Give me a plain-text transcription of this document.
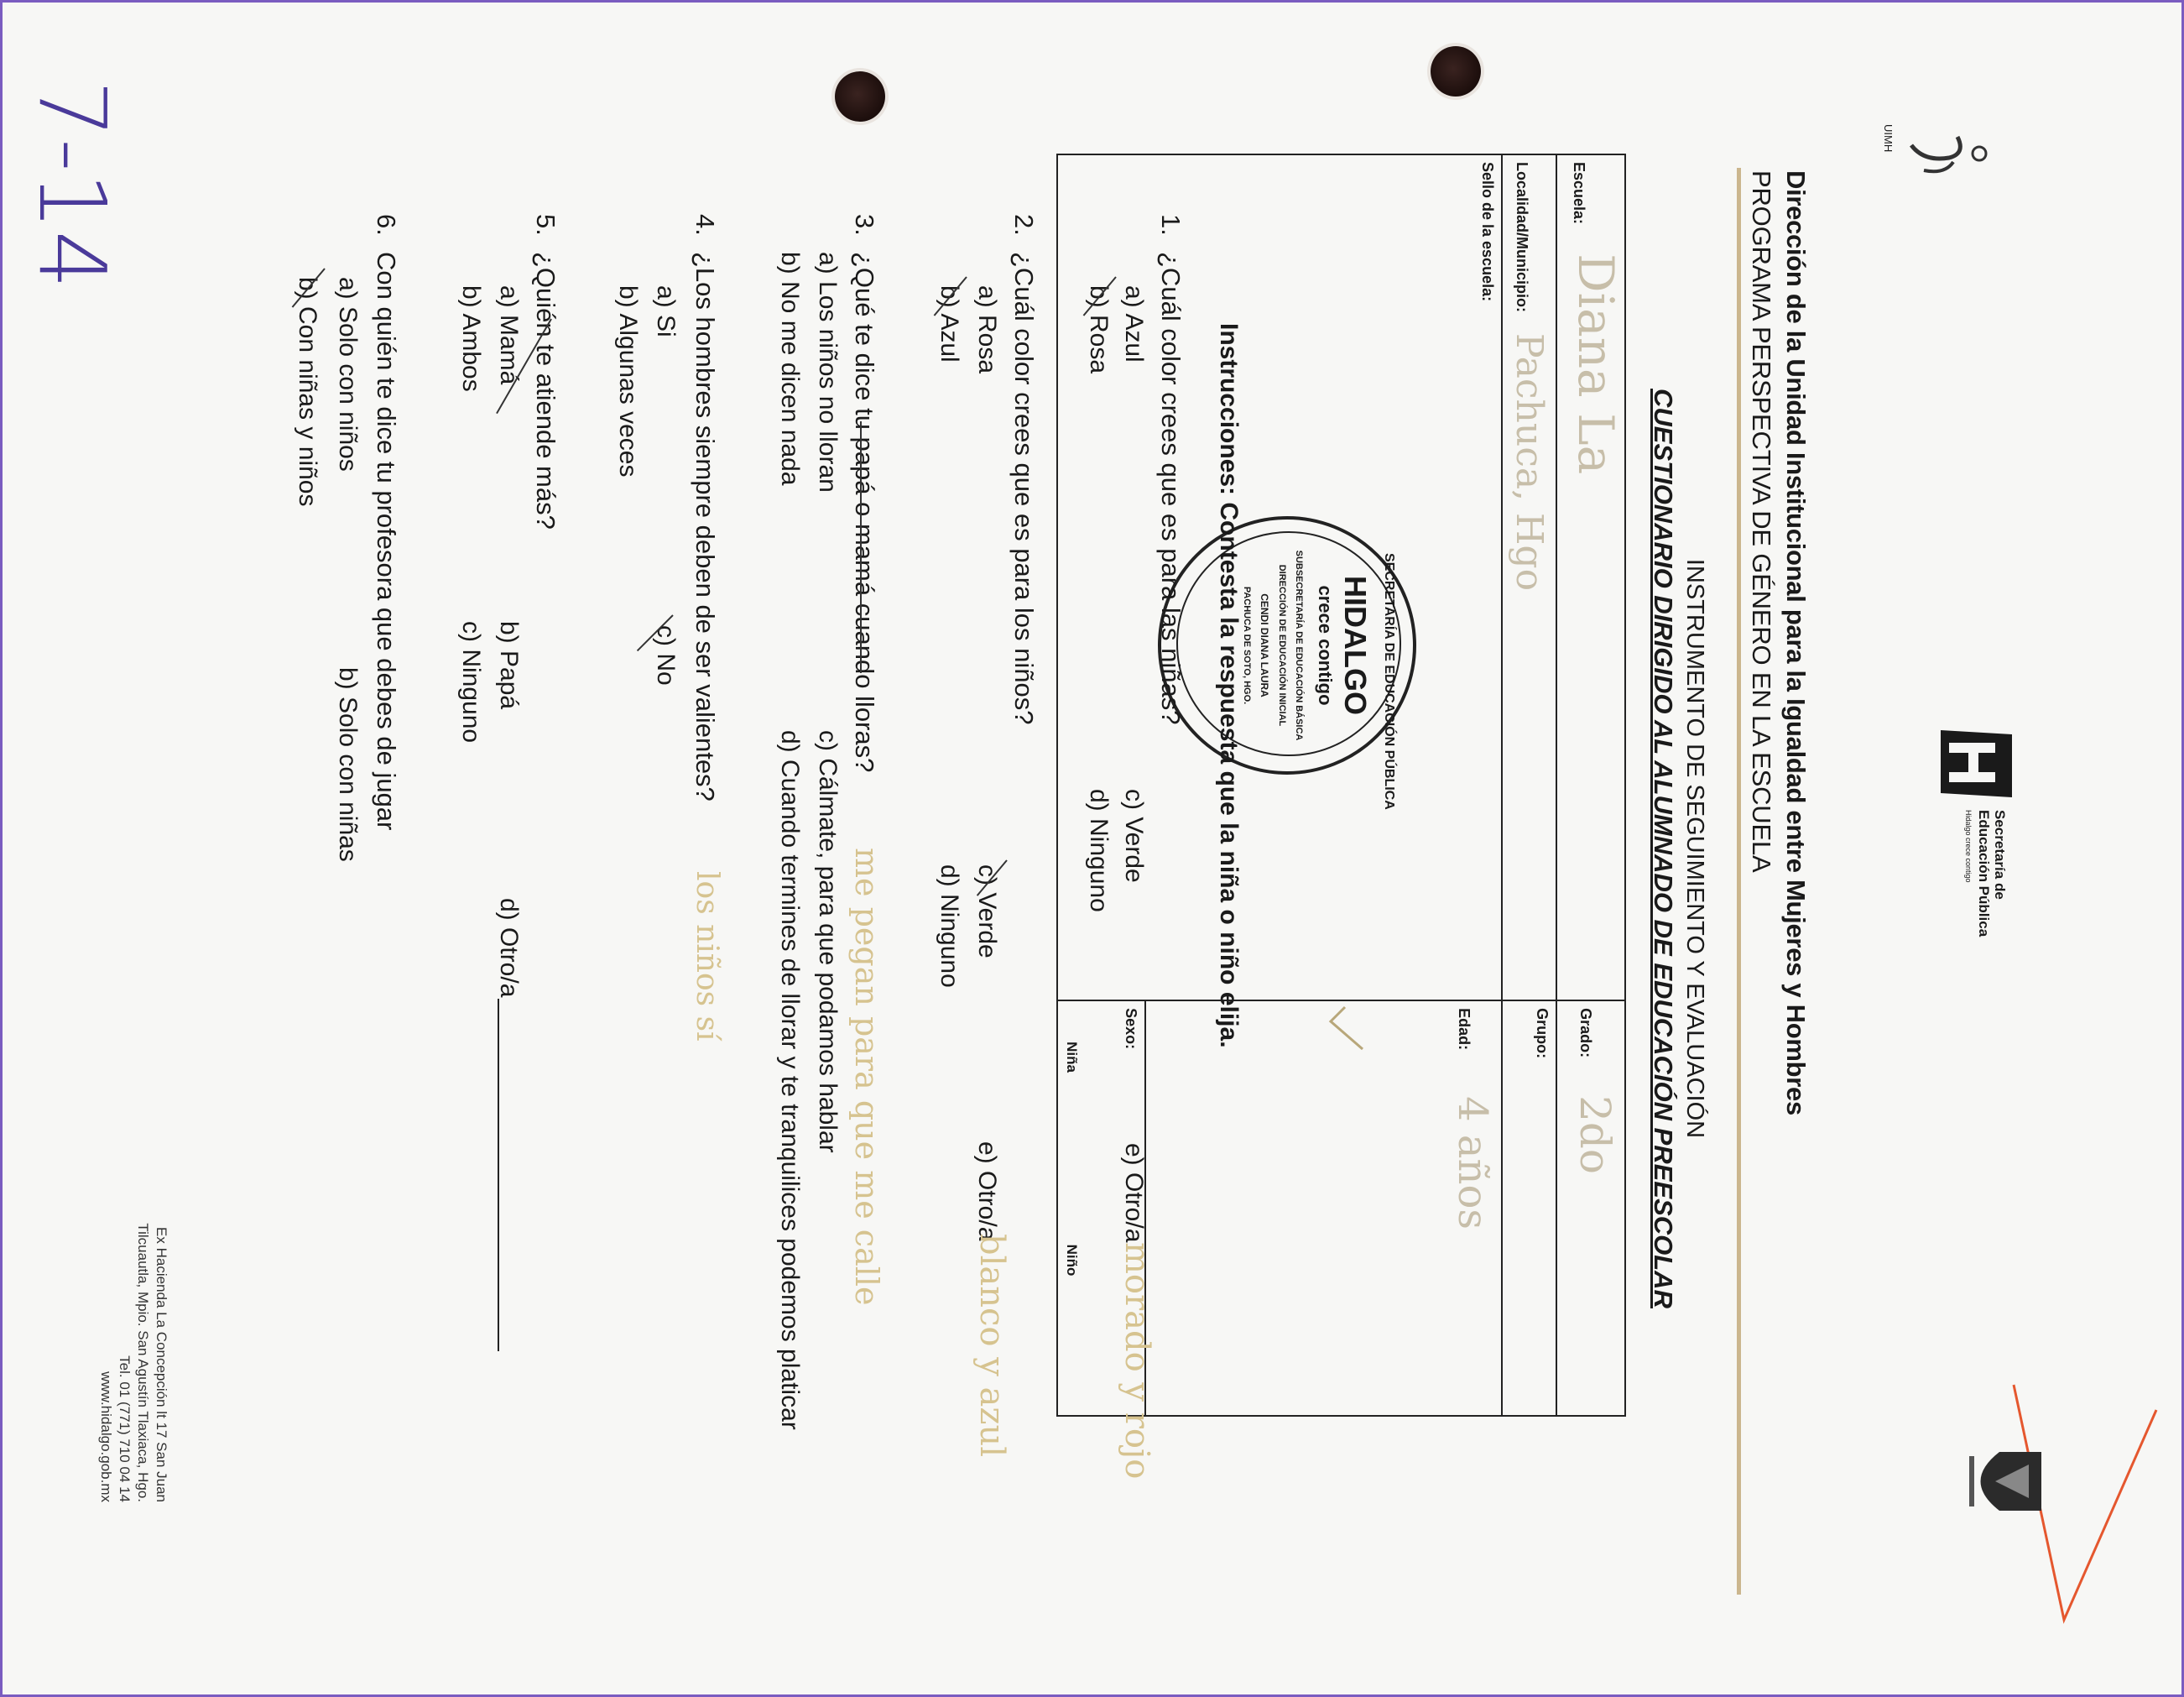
7-14	UIMH
Secretaría de
Educación Pública
Hidalgo crece contigo
Dirección de la Unidad Institucional para la Igualdad entre Mujeres y Hombres
PROGRAMA PERSPECTIVA DE GÉNERO EN LA ESCUELA
INSTRUMENTO DE SEGUIMIENTO Y EVALUACIÓN
CUESTIONARIO DIRIGIDO AL ALUMNADO DE EDUCACIÓN PREESCOLAR
Escuela: Diana La	Grado: 2do
Localidad/Municipio: Pachuca, Hgo	Grupo:
Sello de la escuela:	Edad: 4 años

	Sexo:
Niña Niño
SECRETARÍA DE EDUCACIÓN PÚBLICA
HIDALGO
crece contigo
SUBSECRETARÍA DE EDUCACIÓN BÁSICA
DIRECCIÓN DE EDUCACIÓN INICIAL
CENDI DIANA LAURA
PACHUCA DE SOTO, HGO.
Instrucciones: Contesta la respuesta que la niña o niño elija.
1.
¿Cuál color crees que es para las niñas?
a) Azul
b) Rosa
c) Verde
d) Ninguno
e) Otro/a
morado y rojo
2.
¿Cuál color crees que es para los niños?
a) Rosa
b) Azul
c) Verde
d) Ninguno
e) Otro/a
blanco y azul
3.
¿Qué te dice tu papá o mamá cuando lloras?
a) Los niños no lloran
b) No me dicen nada
c) Cálmate, para que podamos hablar
d) Cuando termines de llorar y te tranquilices podemos platicar me pegan para que me calle
4.
¿Los hombres siempre deben de ser valientes?
a) Si
b) Algunas veces
c) No
los niños sí
5.
¿Quién te atiende más?
a) Mamá
b) Ambos
b) Papá
c) Ninguno
d) Otro/a
6.
Con quién te dice tu profesora que debes de jugar
a) Solo con niños
b) Con niñas y niños
b) Solo con niñas
Ex Hacienda La Concepción lt 17 San Juan
Tilcuautla, Mpio. San Agustín Tlaxiaca, Hgo.
Tel. 01 (771) 710 04 14
www.hidalgo.gob.mx
